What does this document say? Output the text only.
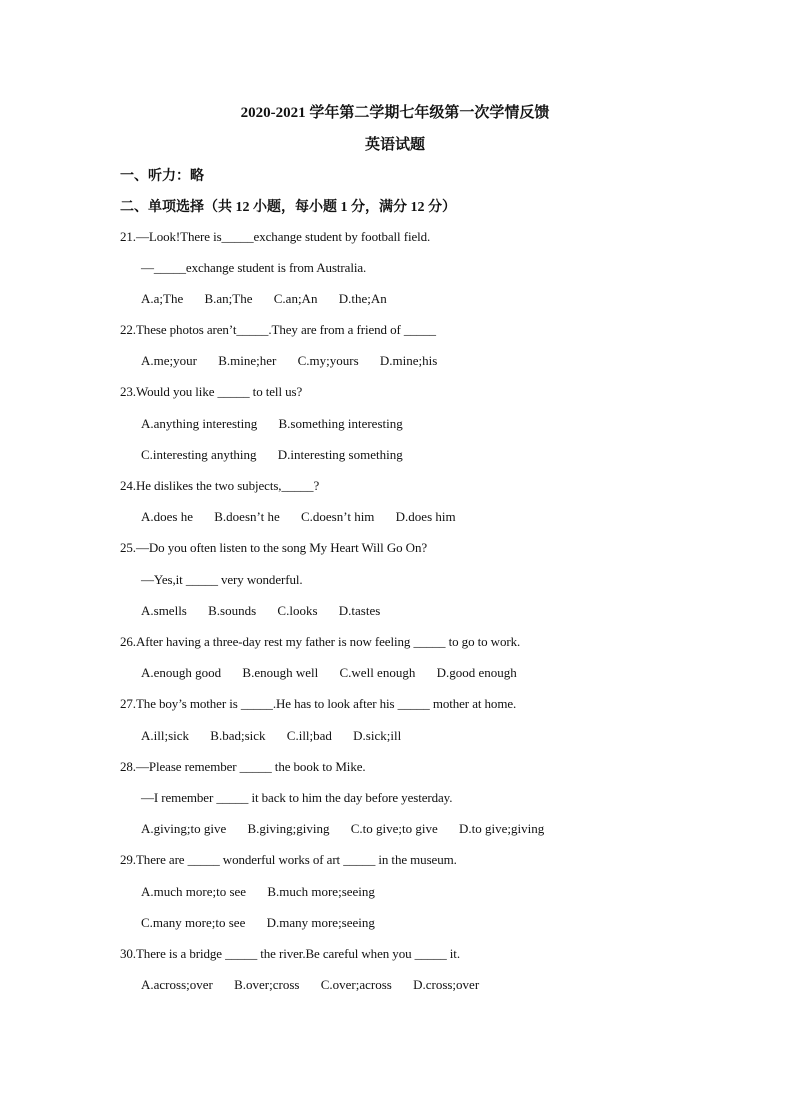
2020-2021 学年第二学期七年级第一次学情反馈
英语试题
一、听力：略
二、单项选择（共 12 小题，每小题 1 分，满分 12 分）
21.—Look!There is_____exchange student by football field.
—_____exchange student is from Australia.
A.a;The B.an;The C.an;An D.the;An
22.These photos aren’t_____.They are from a friend of _____
A.me;your B.mine;her C.my;yours D.mine;his
23.Would you like _____ to tell us?
A.anything interesting B.something interesting
C.interesting anything D.interesting something
24.He dislikes the two subjects,_____?
A.does he B.doesn’t he C.doesn’t him D.does him
25.—Do you often listen to the song My Heart Will Go On?
—Yes,it _____ very wonderful.
A.smells B.sounds C.looks D.tastes
26.After having a three-day rest my father is now feeling _____ to go to work.
A.enough good B.enough well C.well enough D.good enough
27.The boy’s mother is _____.He has to look after his _____ mother at home.
A.ill;sick B.bad;sick C.ill;bad D.sick;ill
28.—Please remember _____ the book to Mike.
—I remember _____ it back to him the day before yesterday.
A.giving;to give B.giving;giving C.to give;to give D.to give;giving
29.There are _____ wonderful works of art _____ in the museum.
A.much more;to see B.much more;seeing
C.many more;to see D.many more;seeing
30.There is a bridge _____ the river.Be careful when you _____ it.
A.across;over B.over;cross C.over;across D.cross;over
